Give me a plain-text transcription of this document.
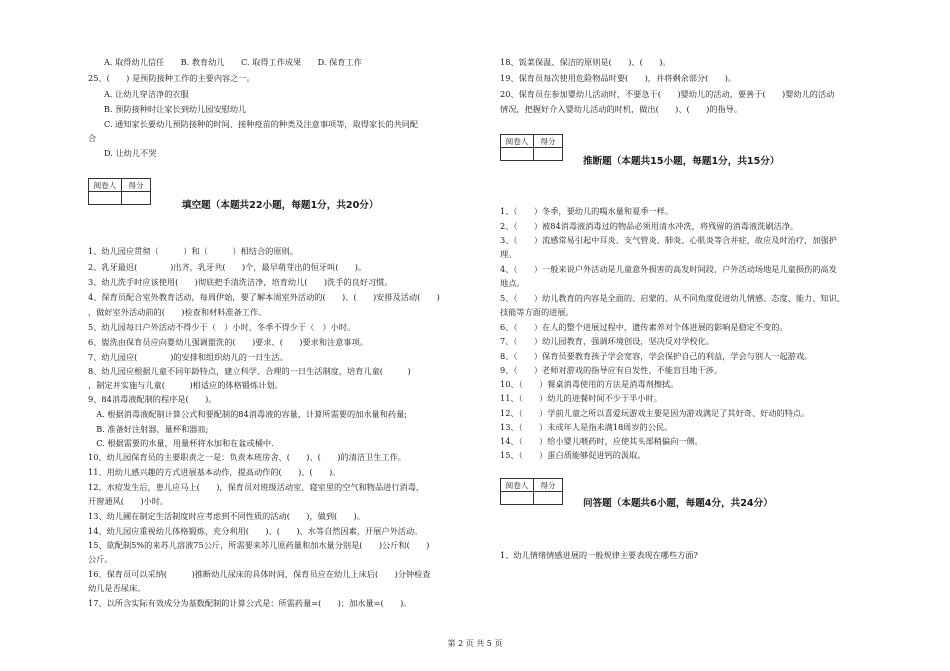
A. 取得幼儿信任　　B. 教育幼儿　　C. 取得工作成果　　D. 保育工作
25、(　　) 是预防接种工作的主要内容之一。
A. 让幼儿穿洁净的衣服
B. 预防接种时让家长到幼儿园安慰幼儿
C. 通知家长要幼儿预防接种的时间、接种疫苗的种类及注意事项等，取得家长的共同配
合
D. 让幼儿不哭
阅卷人	得分

填空题（本题共22小题，每题1分，共20分）
1、幼儿园应贯彻（　　　）和（　　　）相结合的原则。
2、乳牙最迟(　　　　)出齐，乳牙共(　　)个，最早萌芽出的恒牙叫(　　)。
3、幼儿洗手时应该使用(　　)彻底把手清洗洁净，培育幼儿(　　)洗手的良好习惯。
4、保育员配合室外教育活动，每周伊始，要了解本周室外活动的(　　)、(　　)安排及活动(　　)
，做好室外活动前的(　　)检查和材料准备工作。
5、幼儿园每日户外活动不得少于（　）小时，冬季不得少于（　）小时。
6、盥洗由保育员应向婴幼儿强调盥洗的(　　)要求、(　　)要求和注意事项。
7、幼儿园应(　　　　)的安排和组织幼儿的一日生活。
8、幼儿园应根据儿童不同年龄特点，建立科学、合理的一日生活制度，培育儿童(　　　)
，制定并实施与儿童(　　　)相适应的体格锻炼计划。
9、84消毒液配制的程序是(　　)。
　A. 根据消毒液配制计算公式和要配制的84消毒液的容量，计算所需要的加水量和药量;
　B. 准备好注射器，量杯和器皿;
　C. 根据需要的水量，用量杯将水加和在盆或桶中.
10、幼儿园保育员的主要职责之一是：负责本班房舍、(　　)、(　　)的清洁卫生工作。
11、用幼儿感兴趣的方式进展基本动作，提高动作的(　　)、(　　)。
12、水痘发生后，患儿应马上(　　)，保育员对班级活动室、寝室里的空气和物品进行消毒，
开窗通风(　　)小时。
13、幼儿圃在制定生活制度时应考虑到不同性质的活动(　　)，做到(　　)。
14、幼儿园应重视幼儿体格锻炼，充分利用(　　)、(　　)、水等自然因素，开展户外活动。
15、欲配制5%的来苏儿溶液75公斤，所需要来苏儿原药量和加水量分别是(　　)公斤和(　　)
公斤。
16、保育员可以采纳(　　　)推断幼儿尿床的具体时间，保育员应在幼儿上床后(　　)分钟检查
幼儿是否尿床。
17、以所含实际有效成分为基数配制的计算公式是：所需药量=(　　)；加水量=(　　)。
18、饭菜保温、保洁的原则是(　　)、(　　)。
19、保育员每次使用危险物品时要(　　)，并将剩余部分(　　)。
20、保育员在参加婴幼儿活动时，不要急于(　　)婴幼儿的活动，要善于(　　)婴幼儿的活动
情况，把握好介入婴幼儿活动的时机，做出(　　)、(　　)的指导。
阅卷人	得分

推断题（本题共15小题，每题1分，共15分）
1、（　　）冬季，要幼儿的喝水量和夏季一样。
2、（　　）被84消毒液消毒过的物品必须用清水冲洗，将残留的消毒液洗刷洁净。
3、（　　）流感常易引起中耳炎、支气管炎、肺炎、心肌炎等合并症，故应及时治疗，加强护
理。
4、（　　）一般来说户外活动是儿童意外损害的高发时间段，户外活动场地是儿童损伤的高发
地点。
5、（　　）幼儿教育的内容是全面的、启蒙的、从不同角度促进幼儿情感、态度、能力、知识、
技能等方面的进展。
6、（　　）在人的整个进展过程中，遗传素养对个体进展的影响是稳定不变的。
7、（　　）幼儿园教育，强调环境创设，坚决反对学校化。
8、（　　）保育员要教育孩子学会宽容，学会保护自己的利益，学会与别人一起游戏。
9、（　　）老师对游戏的指导应有自发性，不能盲目地干涉。
10、（　　）餐桌消毒使用的方法是消毒剂擦拭。
11、（　　）幼儿的进餐时间不少于半小时。
12、（　　）学前儿童之所以喜爱玩游戏主要是因为游戏满足了其好奇、好动的特点。
13、（　　）未成年人是指未满18周岁的公民。
14、（　　）给小婴儿喂药时，应使其头部稍偏向一侧。
15、（　　）蛋白质能够促进钙的汲取。
阅卷人	得分

问答题（本题共6小题，每题4分，共24分）
1、幼儿情绪情感进展的一般规律主要表现在哪些方面?
第 2 页 共 5 页
